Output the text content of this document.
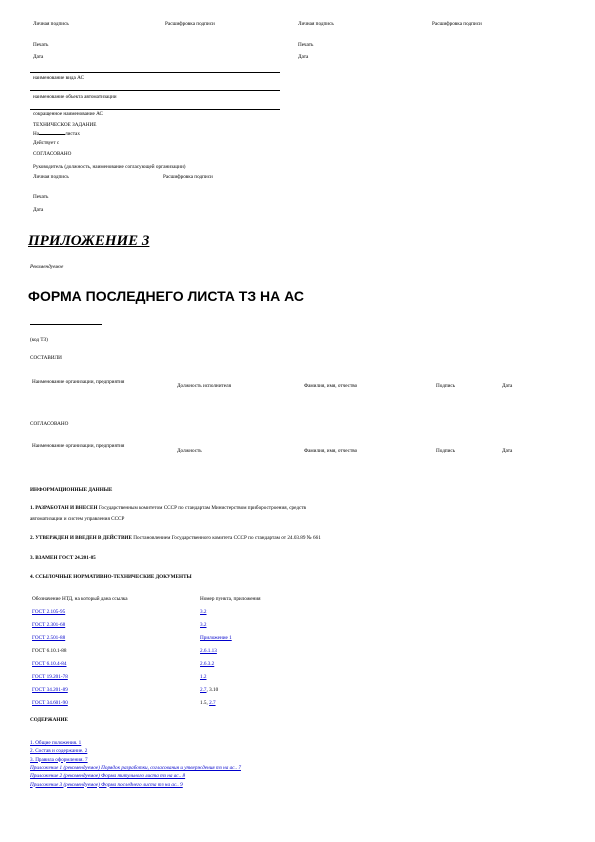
Личная подпись	Расшифровка подписи
Печать
Дата
Личная подпись	Расшифровка подписи
Печать
Дата
наименование вида АС
наименование объекта автоматизации
сокращенное наименование АС
ТЕХНИЧЕСКОЕ ЗАДАНИЕ
На	листах
Действует с
СОГЛАСОВАНО
Руководитель (должность, наименование согласующей организации)
Личная подпись	Расшифровка подписи
Печать
Дата
ПРИЛОЖЕНИЕ 3
Рекомендуемое
ФОРМА ПОСЛЕДНЕГО ЛИСТА ТЗ НА АС
(код ТЗ)
СОСТАВИЛИ
Наименование организации, предприятия
Должность исполнителя	Фамилия, имя, отчество	Подпись	Дата
СОГЛАСОВАНО
Наименование организации, предприятия
Должность	Фамилия, имя, отчество	Подпись	Дата
ИНФОРМАЦИОННЫЕ ДАННЫЕ
1. РАЗРАБОТАН И ВНЕСЕН Государственным комитетом СССР по стандартам Министерством приборостроения, средств
автоматизации и систем управления СССР
2. УТВЕРЖДЕН И ВВЕДЕН В ДЕЙСТВИЕ Постановлением Государственного комитета СССР по стандартам от 24.03.89 № 661
3. ВЗАМЕН ГОСТ 24.201-85
4. ССЫЛОЧНЫЕ НОРМАТИВНО-ТЕХНИЧЕСКИЕ ДОКУМЕНТЫ
Обозначение НТД, на который дана ссылка	Номер пункта, приложения
ГОСТ 2.105-95	3.2
ГОСТ 2.301-68	3.2
ГОСТ 2.501-88	Приложение 1
ГОСТ 6.10.1-88	2.6.1.13
ГОСТ 6.10.4-84	2.6.3.2
ГОСТ 19.201-78	1.2
ГОСТ 34.201-89	2.7, 3.10
ГОСТ 34.601-90	1.5, 2.7
СОДЕРЖАНИЕ
1. Общие положения. 1
2. Состав и содержание. 2
3. Правила оформления. 7
Приложение 1 (рекомендуемое) Порядок разработки, согласования и утверждения тз на ас.. 7
Приложение 2 (рекомендуемое) Форма титульного листа тз на ас.. 8
Приложение 3 (рекомендуемое) Форма последнего листа тз на ас.. 9
